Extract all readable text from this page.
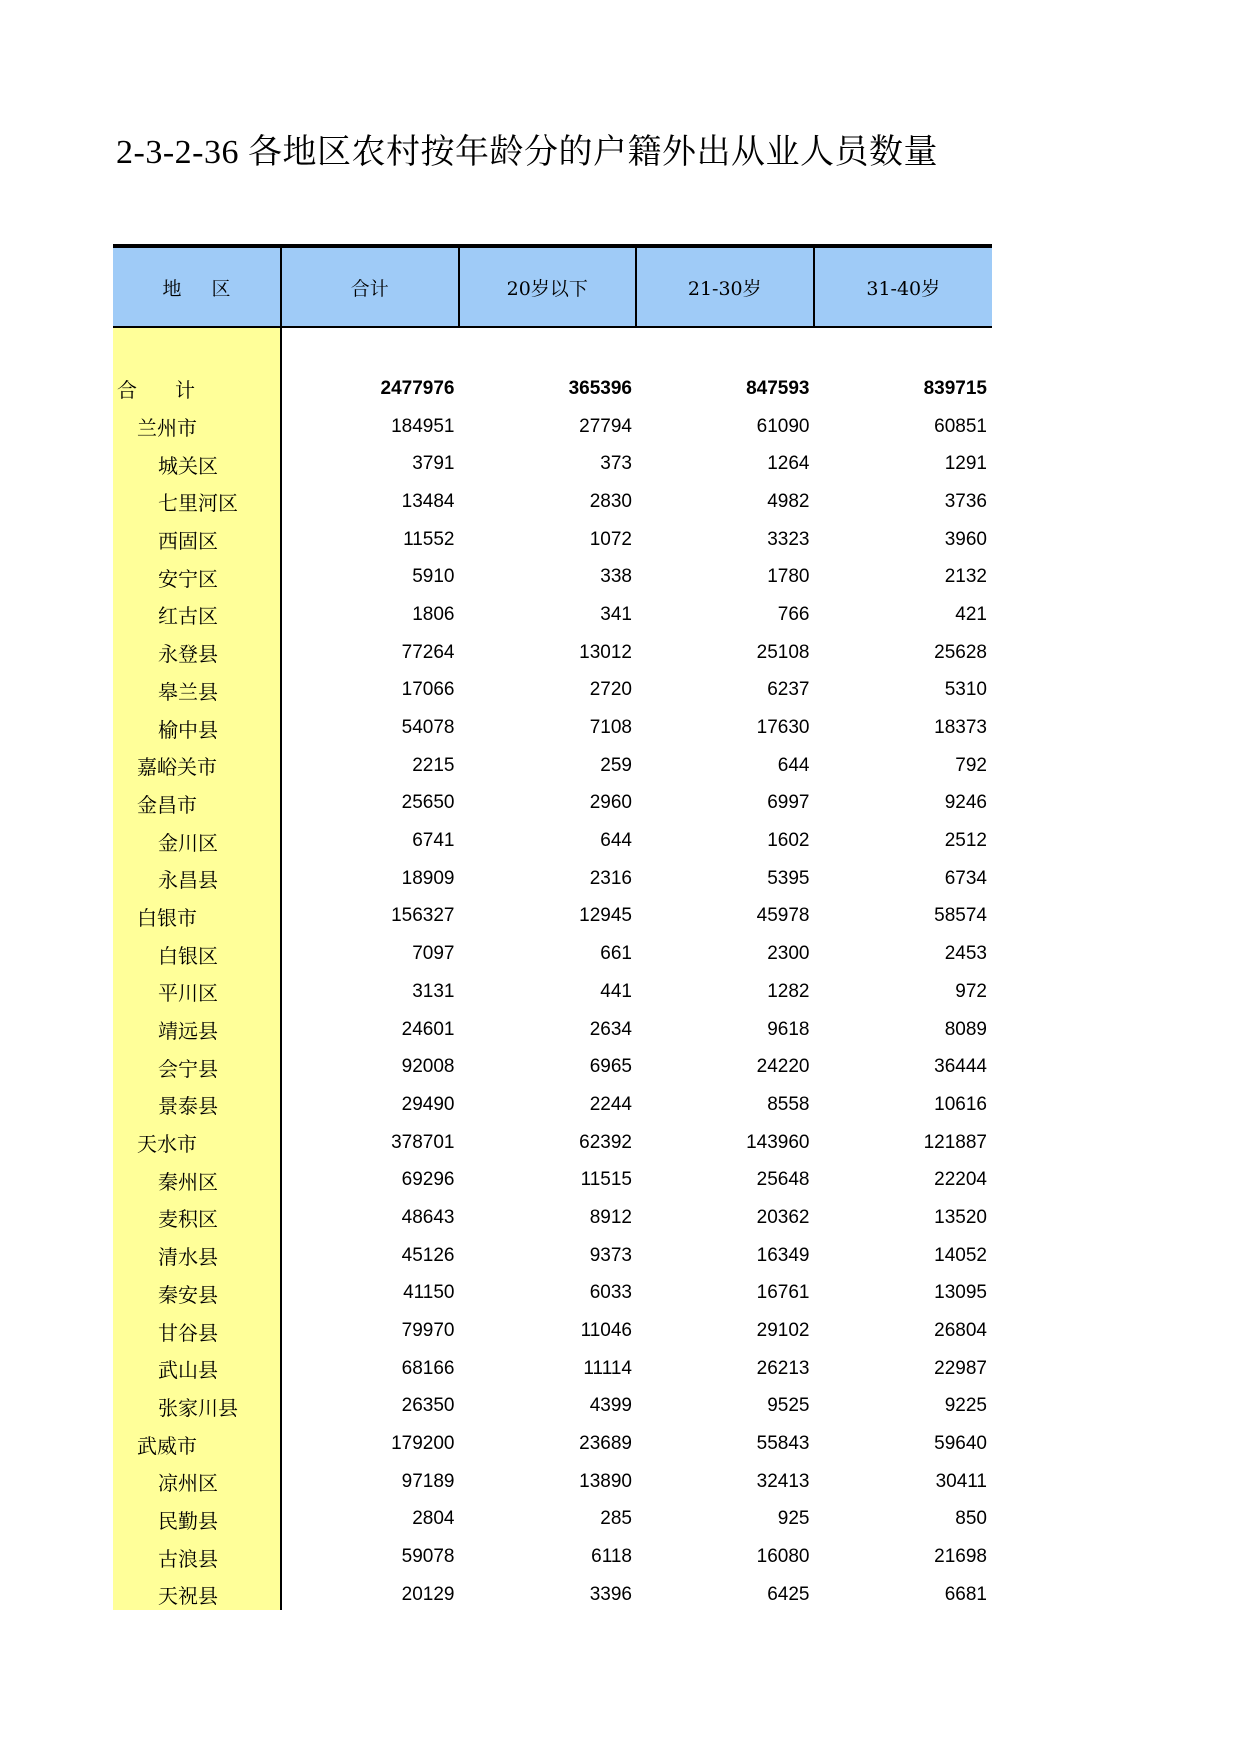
2-3-2-36 各地区农村按年龄分的户籍外出从业人员数量
地区	合计	20岁以下	21-30岁	31-40岁
合计	2477976	365396	847593	839715
兰州市	184951	27794	61090	60851
城关区	3791	373	1264	1291
七里河区	13484	2830	4982	3736
西固区	11552	1072	3323	3960
安宁区	5910	338	1780	2132
红古区	1806	341	766	421
永登县	77264	13012	25108	25628
皋兰县	17066	2720	6237	5310
榆中县	54078	7108	17630	18373
嘉峪关市	2215	259	644	792
金昌市	25650	2960	6997	9246
金川区	6741	644	1602	2512
永昌县	18909	2316	5395	6734
白银市	156327	12945	45978	58574
白银区	7097	661	2300	2453
平川区	3131	441	1282	972
靖远县	24601	2634	9618	8089
会宁县	92008	6965	24220	36444
景泰县	29490	2244	8558	10616
天水市	378701	62392	143960	121887
秦州区	69296	11515	25648	22204
麦积区	48643	8912	20362	13520
清水县	45126	9373	16349	14052
秦安县	41150	6033	16761	13095
甘谷县	79970	11046	29102	26804
武山县	68166	11114	26213	22987
张家川县	26350	4399	9525	9225
武威市	179200	23689	55843	59640
凉州区	97189	13890	32413	30411
民勤县	2804	285	925	850
古浪县	59078	6118	16080	21698
天祝县	20129	3396	6425	6681
